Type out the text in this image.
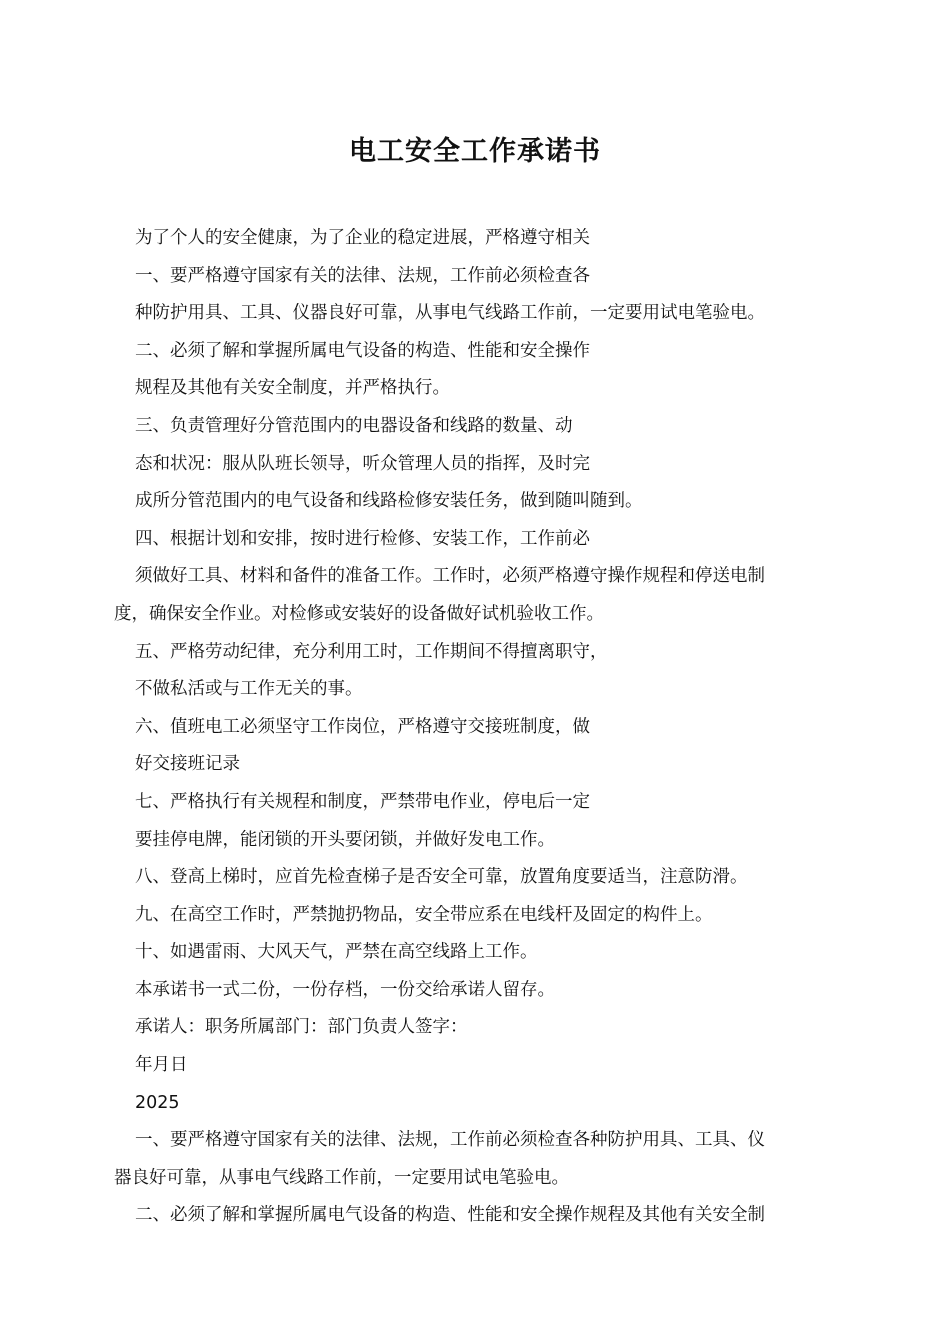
电工安全工作承诺书
为了个人的安全健康，为了企业的稳定进展，严格遵守相关
一、要严格遵守国家有关的法律、法规，工作前必须检查各
种防护用具、工具、仪器良好可靠，从事电气线路工作前，一定要用试电笔验电。
二、必须了解和掌握所属电气设备的构造、性能和安全操作
规程及其他有关安全制度，并严格执行。
三、负责管理好分管范围内的电器设备和线路的数量、动
态和状况：服从队班长领导，听众管理人员的指挥，及时完
成所分管范围内的电气设备和线路检修安装任务，做到随叫随到。
四、根据计划和安排，按时进行检修、安装工作，工作前必
须做好工具、材料和备件的准备工作。工作时，必须严格遵守操作规程和停送电制
度，确保安全作业。对检修或安装好的设备做好试机验收工作。
五、严格劳动纪律，充分利用工时，工作期间不得擅离职守，
不做私活或与工作无关的事。
六、值班电工必须坚守工作岗位，严格遵守交接班制度，做
好交接班记录
七、严格执行有关规程和制度，严禁带电作业，停电后一定
要挂停电牌，能闭锁的开头要闭锁，并做好发电工作。
八、登高上梯时，应首先检查梯子是否安全可靠，放置角度要适当，注意防滑。
九、在高空工作时，严禁抛扔物品，安全带应系在电线杆及固定的构件上。
十、如遇雷雨、大风天气，严禁在高空线路上工作。
本承诺书一式二份，一份存档，一份交给承诺人留存。
承诺人：职务所属部门：部门负责人签字：
年月日
2025
一、要严格遵守国家有关的法律、法规，工作前必须检查各种防护用具、工具、仪
器良好可靠，从事电气线路工作前，一定要用试电笔验电。
二、必须了解和掌握所属电气设备的构造、性能和安全操作规程及其他有关安全制
